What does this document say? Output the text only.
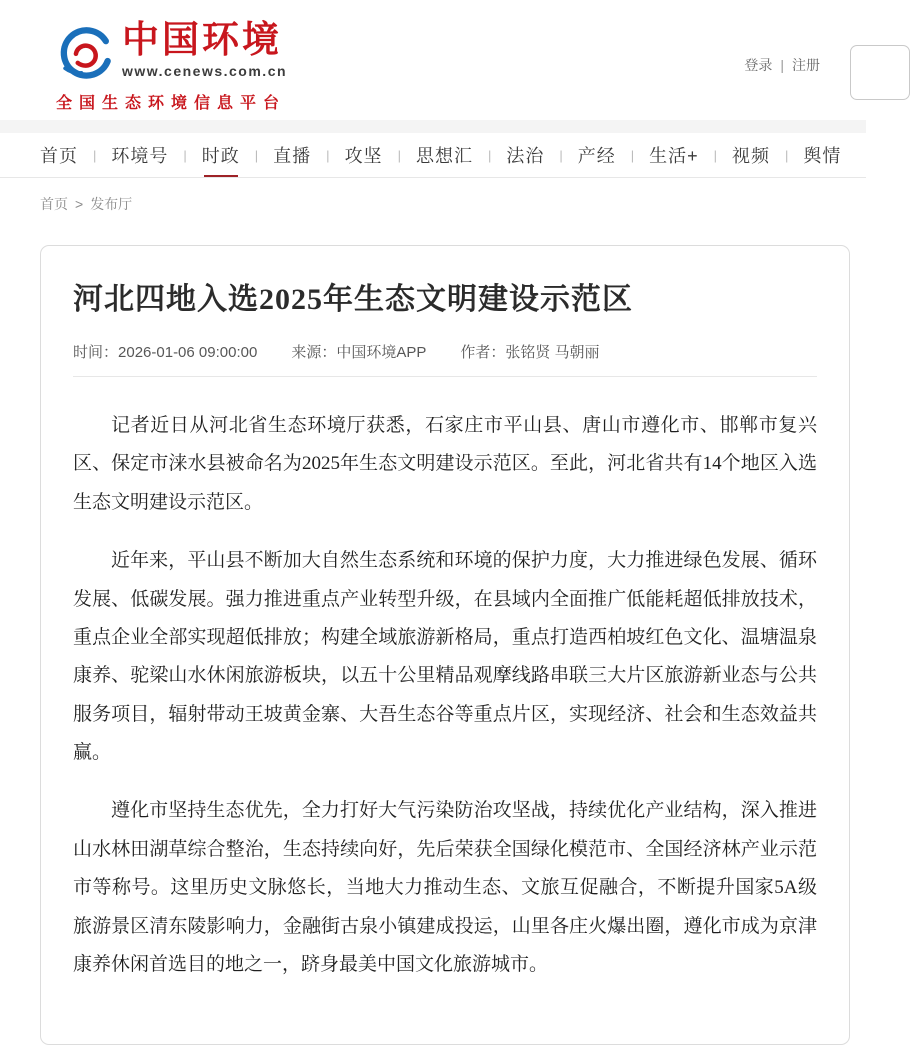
中国环境
www.cenews.com.cn
全国生态环境信息平台
登录 | 注册
首页	| 环境号	| 时政	| 直播	| 攻坚	| 思想汇	| 法治	| 产经	| 生活+	| 视频	| 舆情
首页 > 发布厅
河北四地入选2025年生态文明建设示范区
时间：2026-01-06 09:00:00 来源：中国环境APP 作者：张铭贤 马朝丽

记者近日从河北省生态环境厅获悉，石家庄市平山县、唐山市遵化市、邯郸市复兴区、保定市涞水县被命名为2025年生态文明建设示范区。至此，河北省共有14个地区入选生态文明建设示范区。

近年来，平山县不断加大自然生态系统和环境的保护力度，大力推进绿色发展、循环发展、低碳发展。强力推进重点产业转型升级，在县域内全面推广低能耗超低排放技术，重点企业全部实现超低排放；构建全域旅游新格局，重点打造西柏坡红色文化、温塘温泉康养、驼梁山水休闲旅游板块，以五十公里精品观摩线路串联三大片区旅游新业态与公共服务项目，辐射带动王坡黄金寨、大吾生态谷等重点片区，实现经济、社会和生态效益共赢。

遵化市坚持生态优先，全力打好大气污染防治攻坚战，持续优化产业结构，深入推进山水林田湖草综合整治，生态持续向好，先后荣获全国绿化模范市、全国经济林产业示范市等称号。这里历史文脉悠长，当地大力推动生态、文旅互促融合，不断提升国家5A级旅游景区清东陵影响力，金融街古泉小镇建成投运，山里各庄火爆出圈，遵化市成为京津康养休闲首选目的地之一，跻身最美中国文化旅游城市。
